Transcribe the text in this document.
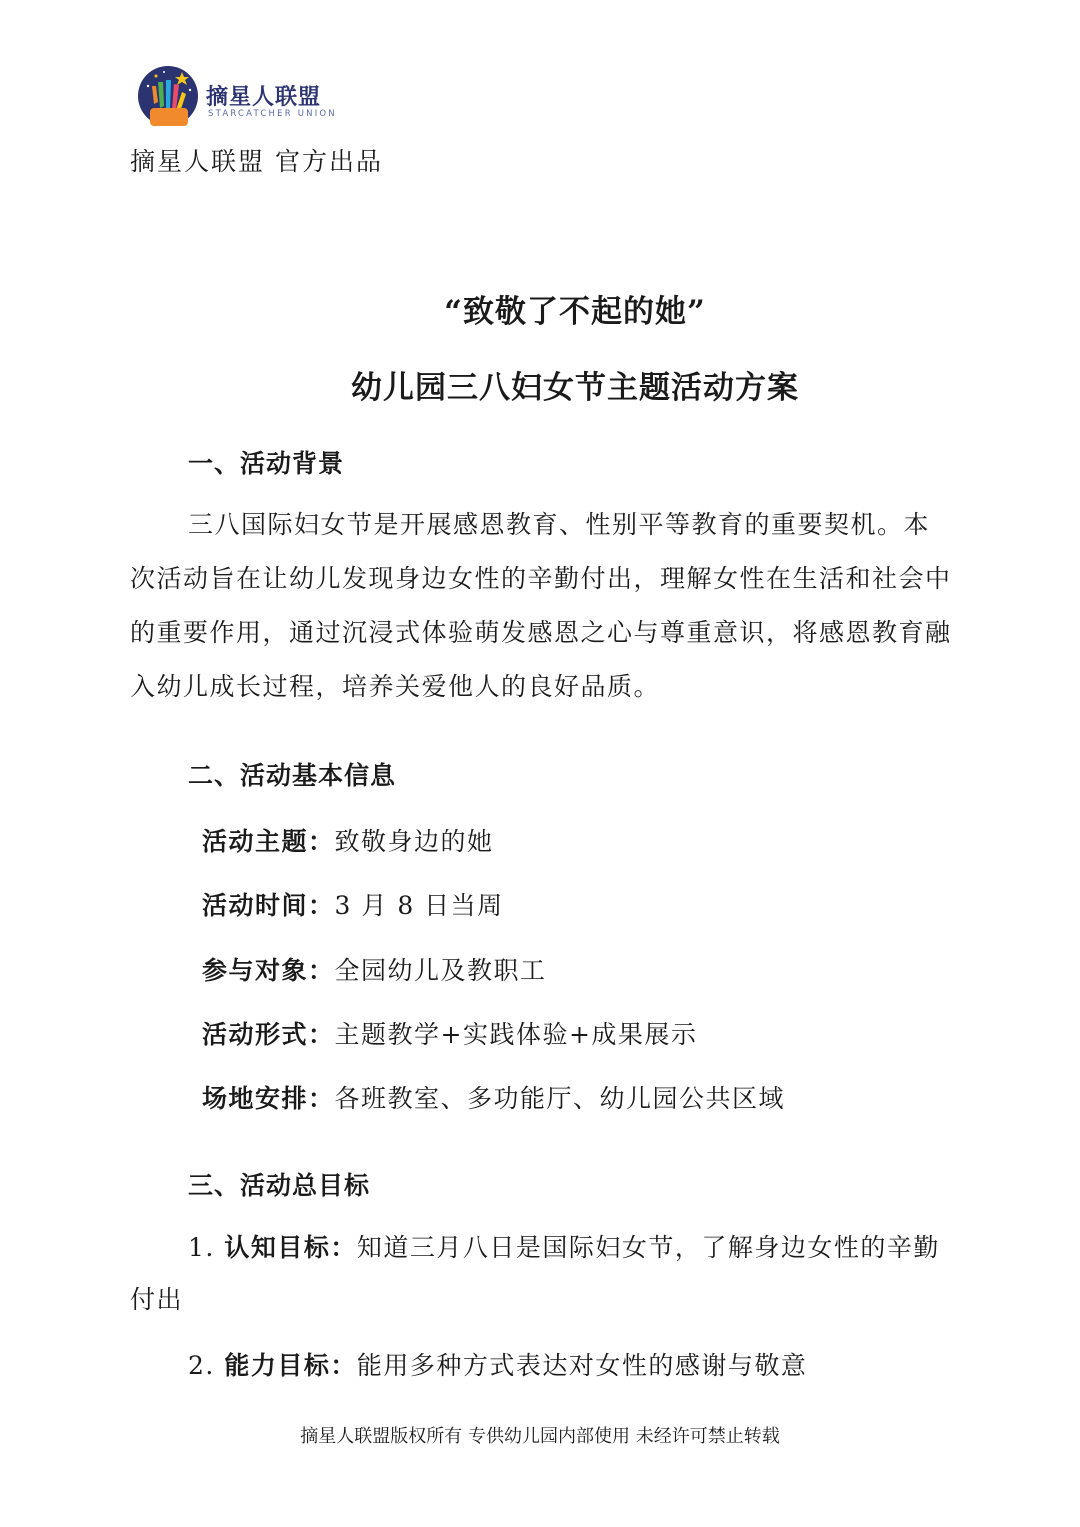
摘星人联盟
STARCATCHER UNION
摘星人联盟 官方出品
“致敬了不起的她”
幼儿园三八妇女节主题活动方案
一、活动背景

三八国际妇女节是开展感恩教育、性别平等教育的重要契机。本次活动旨在让幼儿发现身边女性的辛勤付出，理解女性在生活和社会中的重要作用，通过沉浸式体验萌发感恩之心与尊重意识，将感恩教育融入幼儿成长过程，培养关爱他人的良好品质。

二、活动基本信息
活动主题：致敬身边的她
活动时间：3 月 8 日当周
参与对象：全园幼儿及教职工
活动形式：主题教学+实践体验+成果展示
场地安排：各班教室、多功能厅、幼儿园公共区域
三、活动总目标

1. 认知目标：知道三月八日是国际妇女节，了解身边女性的辛勤付出

2. 能力目标：能用多种方式表达对女性的感谢与敬意

摘星人联盟版权所有 专供幼儿园内部使用 未经许可禁止转载
